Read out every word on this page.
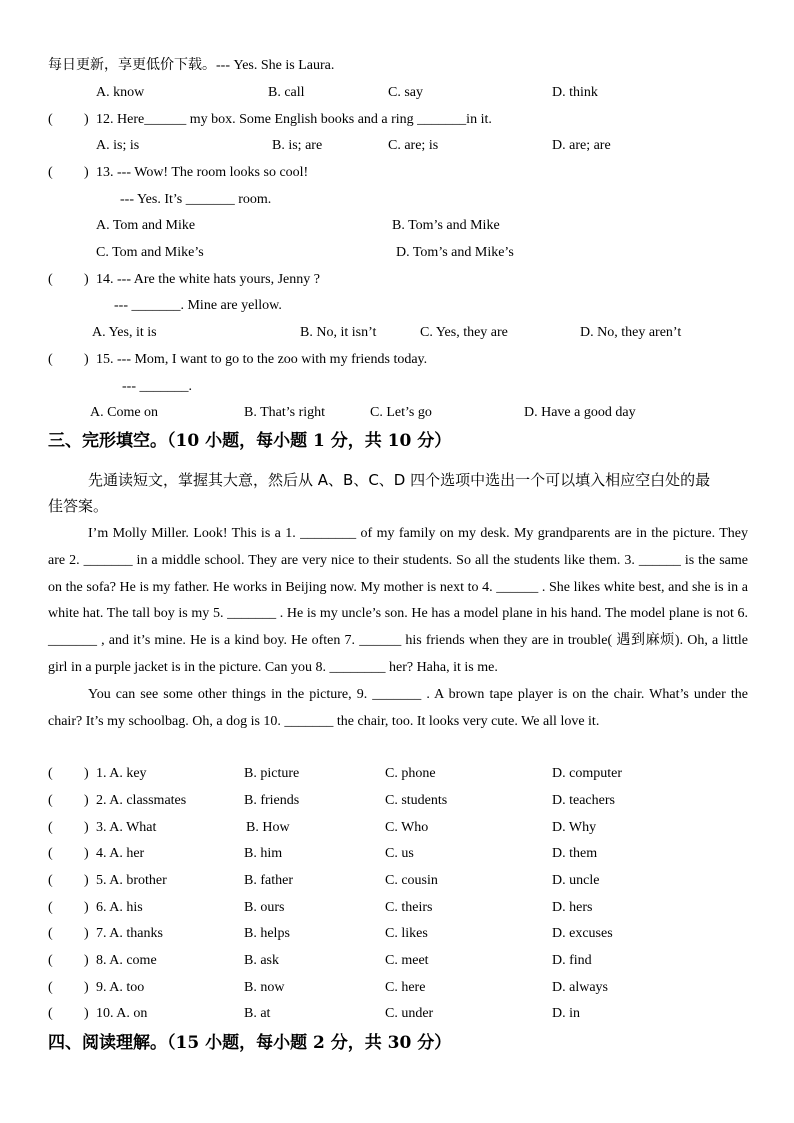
每日更新，享更低价下载。--- Yes. She is Laura.
A. know	B. call	C. say	D. think
( ) 12. Here______ my box. Some English books and a ring _______in it.
A. is; is	B. is; are	C. are; is	D. are; are
( ) 13. --- Wow! The room looks so cool!
--- Yes. It’s _______ room.
A. Tom and Mike	B. Tom’s and Mike
C. Tom and Mike’s	D. Tom’s and Mike’s
( ) 14. --- Are the white hats yours, Jenny ?
--- _______. Mine are yellow.
A. Yes, it is	B. No, it isn’t	C. Yes, they are	D. No, they aren’t
( ) 15. --- Mom, I want to go to the zoo with my friends today.
--- _______.
A. Come on	B. That’s right	C. Let’s go	D. Have a good day
三、完形填空。（10 小题，每小题 1 分，共 10 分）
先通读短文，掌握其大意，然后从 A、B、C、D 四个选项中选出一个可以填入相应空白处的最
佳答案。

I’m Molly Miller. Look! This is a 1. ________ of my family on my desk. My grandparents are in the picture. They are 2. _______ in a middle school. They are very nice to their students. So all the students like them. 3. ______ is the same on the sofa? He is my father. He works in Beijing now. My mother is next to 4. ______ . She likes white best, and she is in a white hat. The tall boy is my 5. _______ . He is my uncle’s son. He has a model plane in his hand. The model plane is not 6. _______ , and it’s mine. He is a kind boy. He often 7. ______ his friends when they are in trouble( 遇到麻烦). Oh, a little girl in a purple jacket is in the picture. Can you 8. ________ her? Haha, it is me.

You can see some other things in the picture, 9. _______ . A brown tape player is on the chair. What’s under the chair? It’s my schoolbag. Oh, a dog is 10. _______ the chair, too. It looks very cute. We all love it.

( ) 1. A. key	B. picture	C. phone	D. computer
( ) 2. A. classmates	B. friends	C. students	D. teachers
( ) 3. A. What	B. How	C. Who	D. Why
( ) 4. A. her	B. him	C. us	D. them
( ) 5. A. brother	B. father	C. cousin	D. uncle
( ) 6. A. his	B. ours	C. theirs	D. hers
( ) 7. A. thanks	B. helps	C. likes	D. excuses
( ) 8. A. come	B. ask	C. meet	D. find
( ) 9. A. too	B. now	C. here	D. always
( ) 10. A. on	B. at	C. under	D. in
四、阅读理解。（15 小题，每小题 2 分，共 30 分）
